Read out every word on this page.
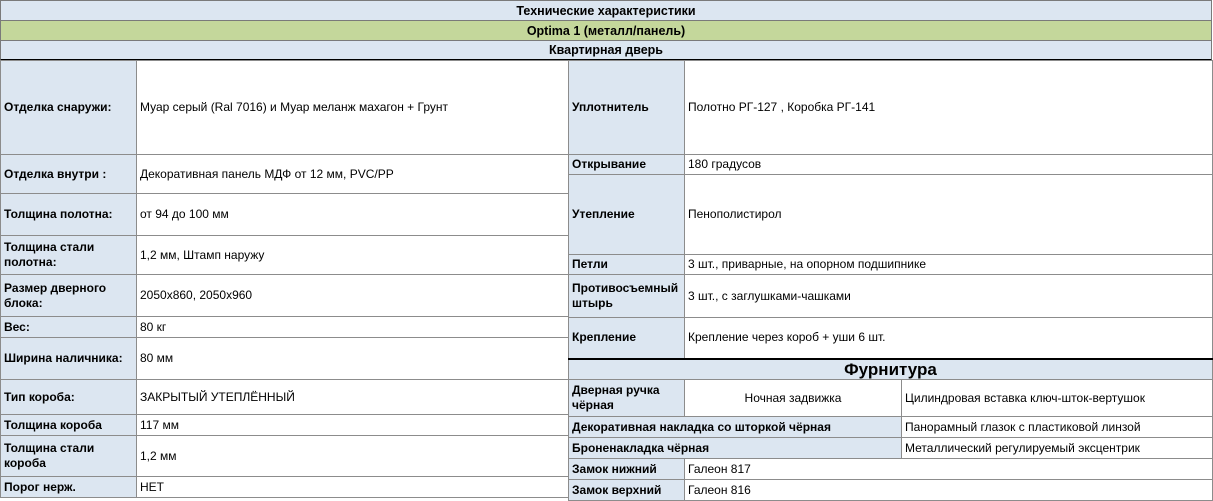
Технические характеристики
Optima 1 (металл/панель)
Квартирная дверь
Отделка снаружи:	Муар серый (Ral 7016) и Муар меланж махагон + Грунт
Отделка внутри :	Декоративная панель МДФ от 12 мм, PVC/PP
Толщина полотна:	от 94 до 100 мм
Толщина стали полотна:	1,2 мм, Штамп наружу
Размер дверного блока:	2050х860, 2050х960
Вес:	80 кг
Ширина наличника:	80 мм
Тип короба:	ЗАКРЫТЫЙ УТЕПЛЁННЫЙ
Толщина короба	117 мм
Толщина стали короба	1,2 мм
Порог нерж.	НЕТ
Уплотнитель	Полотно РГ-127 , Коробка РГ-141	
Открывание	180 градусов	
Утепление	Пенополистирол	
Петли	3 шт., приварные, на опорном подшипнике	
Противосъемный штырь	3 шт., с заглушками-чашками	
Крепление	Крепление через короб + уши 6 шт.	
Фурнитура		
Дверная ручка чёрная	Ночная задвижка	Цилиндровая вставка ключ-шток-вертушок
Декоративная накладка со шторкой чёрная		Панорамный глазок с пластиковой линзой
Броненакладка чёрная		Металлический регулируемый эксцентрик
Замок нижний	Галеон 817	
Замок верхний	Галеон 816	
